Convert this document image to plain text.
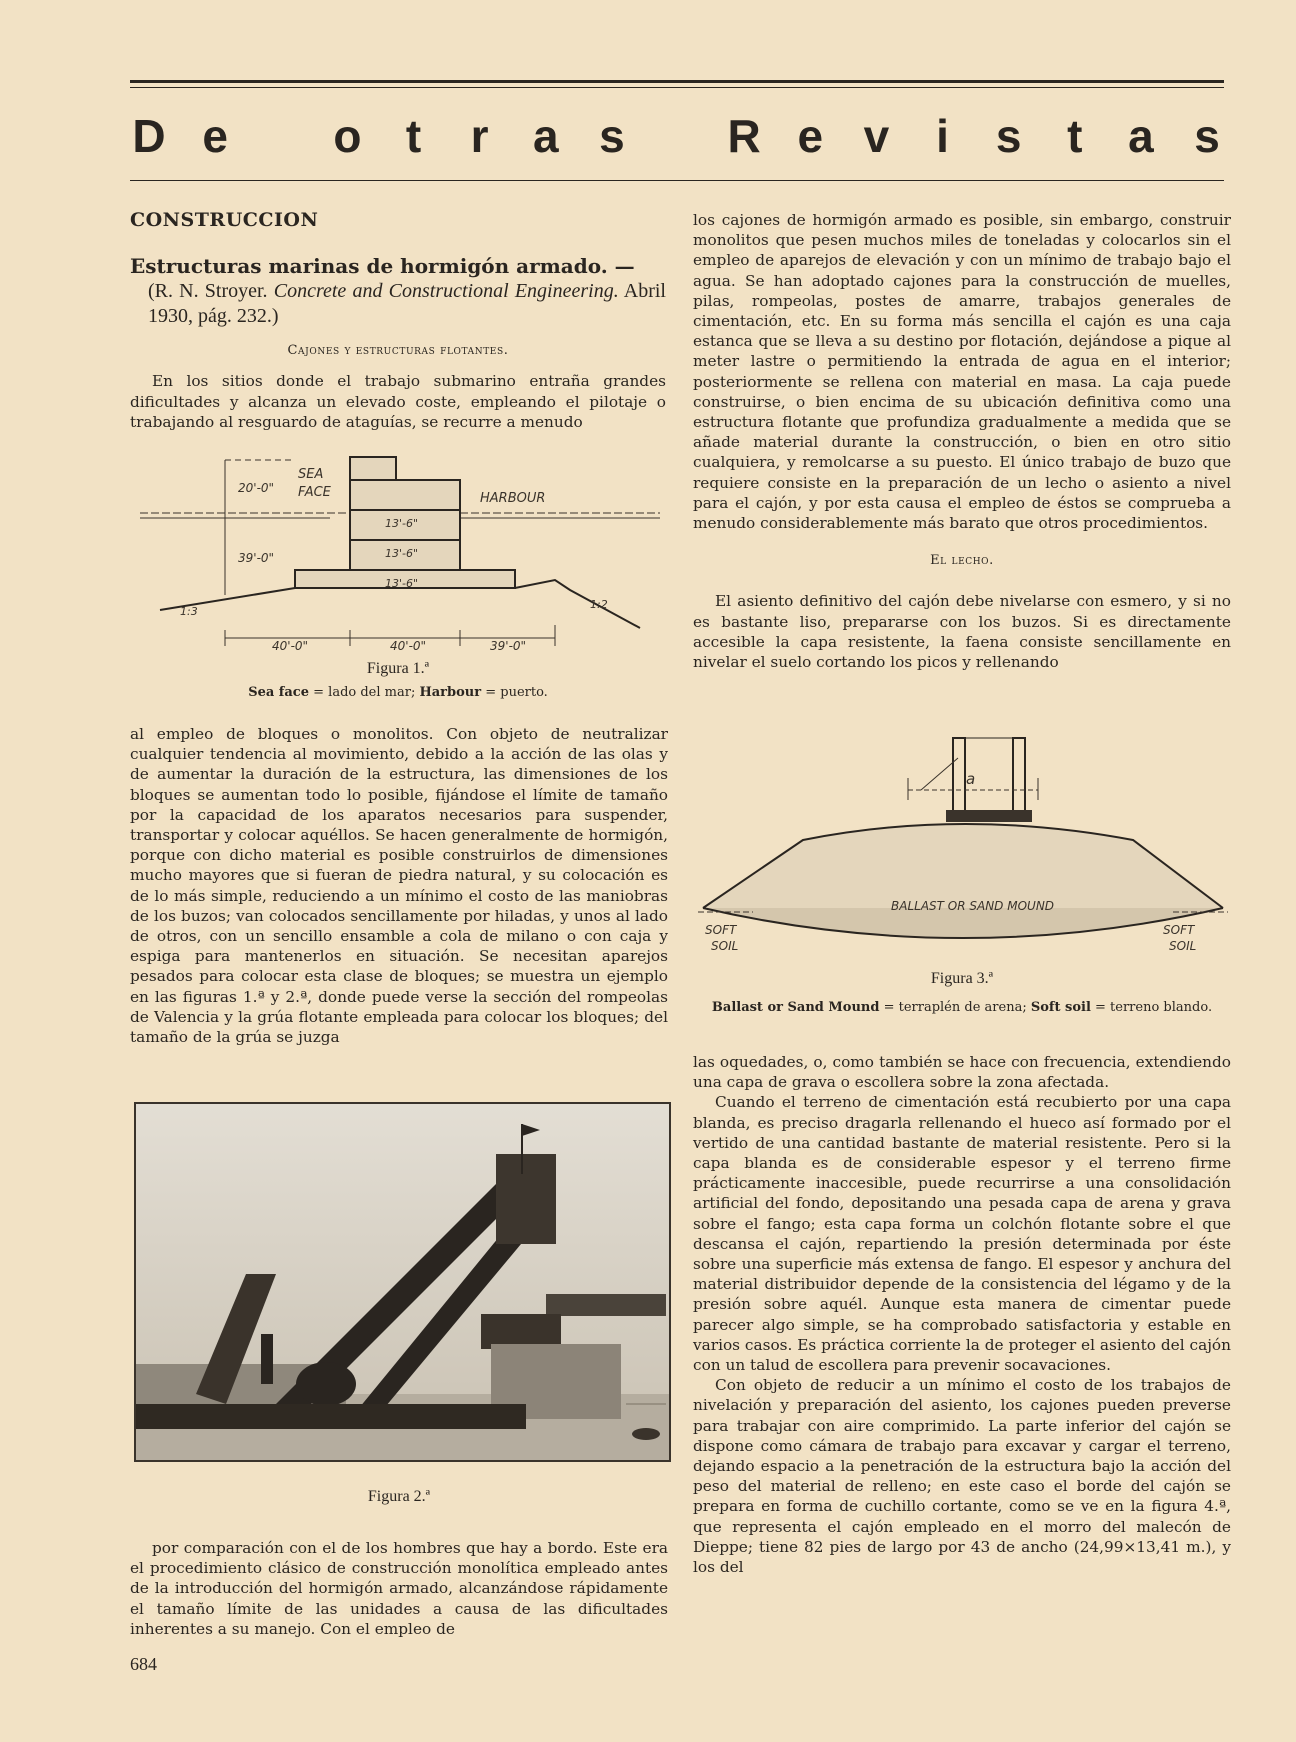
D e o t r a s R e v	i	s t a s
CONSTRUCCION
Estructuras marinas de hormigón armado. —
(R. N. Stroyer. Concrete and Constructional Engineering. Abril 1930, pág. 232.)
Cajones y estructuras flotantes.

En los sitios donde el trabajo submarino entraña grandes dificultades y alcanza un elevado coste, empleando el pilotaje o trabajando al resguardo de ataguías, se recurre a menudo

20'-0"
39'-0"
SEA
FACE	HARBOUR
13'-6"
13'-6"
13'-6"
40'-0"	40'-0"	39'-0"
1:3
1:2
Figura 1.ª
Sea face = lado del mar; Harbour = puerto.

al empleo de bloques o monolitos. Con objeto de neutralizar cualquier tendencia al movimiento, debido a la acción de las olas y de aumentar la duración de la estructura, las dimensiones de los bloques se aumentan todo lo posible, fijándose el límite de tamaño por la capacidad de los aparatos necesarios para suspender, transportar y colocar aquéllos. Se hacen generalmente de hormigón, porque con dicho material es posible construirlos de dimensiones mucho mayores que si fueran de piedra natural, y su colocación es de lo más simple, reduciendo a un mínimo el costo de las maniobras de los buzos; van colocados sencillamente por hiladas, y unos al lado de otros, con un sencillo ensamble a cola de milano o con caja y espiga para mantenerlos en situación. Se necesitan aparejos pesados para colocar esta clase de bloques; se muestra un ejemplo en las figuras 1.ª y 2.ª, donde puede verse la sección del rompeolas de Valencia y la grúa flotante empleada para colocar los bloques; del tamaño de la grúa se juzga

Figura 2.ª

por comparación con el de los hombres que hay a bordo. Este era el procedimiento clásico de construcción monolítica empleado antes de la introducción del hormigón armado, alcanzándose rápidamente el tamaño límite de las unidades a causa de las dificultades inherentes a su manejo. Con el empleo de

684

los cajones de hormigón armado es posible, sin embargo, construir monolitos que pesen muchos miles de toneladas y colocarlos sin el empleo de aparejos de elevación y con un mínimo de trabajo bajo el agua. Se han adoptado cajones para la construcción de muelles, pilas, rompeolas, postes de amarre, trabajos generales de cimentación, etc. En su forma más sencilla el cajón es una caja estanca que se lleva a su destino por flotación, dejándose a pique al meter lastre o permitiendo la entrada de agua en el interior; posteriormente se rellena con material en masa. La caja puede construirse, o bien encima de su ubicación definitiva como una estructura flotante que profundiza gradualmente a medida que se añade material durante la construcción, o bien en otro sitio cualquiera, y remolcarse a su puesto. El único trabajo de buzo que requiere consiste en la preparación de un lecho o asiento a nivel para el cajón, y por esta causa el empleo de éstos se comprueba a menudo considerablemente más barato que otros procedimientos.

El lecho.

El asiento definitivo del cajón debe nivelarse con esmero, y si no es bastante liso, prepararse con los buzos. Si es directamente accesible la capa resistente, la faena consiste sencillamente en nivelar el suelo cortando los picos y rellenando

a
BALLAST OR SAND MOUND
SOFT
SOIL
SOFT
SOIL
Figura 3.ª
Ballast or Sand Mound = terraplén de arena; Soft soil = terreno blando.

las oquedades, o, como también se hace con frecuencia, extendiendo una capa de grava o escollera sobre la zona afectada.

Cuando el terreno de cimentación está recubierto por una capa blanda, es preciso dragarla rellenando el hueco así formado por el vertido de una cantidad bastante de material resistente. Pero si la capa blanda es de considerable espesor y el terreno firme prácticamente inaccesible, puede recurrirse a una consolidación artificial del fondo, depositando una pesada capa de arena y grava sobre el fango; esta capa forma un colchón flotante sobre el que descansa el cajón, repartiendo la presión determinada por éste sobre una superficie más extensa de fango. El espesor y anchura del material distribuidor depende de la consistencia del légamo y de la presión sobre aquél. Aunque esta manera de cimentar puede parecer algo simple, se ha comprobado satisfactoria y estable en varios casos. Es práctica corriente la de proteger el asiento del cajón con un talud de escollera para prevenir socavaciones.

Con objeto de reducir a un mínimo el costo de los trabajos de nivelación y preparación del asiento, los cajones pueden preverse para trabajar con aire comprimido. La parte inferior del cajón se dispone como cámara de trabajo para excavar y cargar el terreno, dejando espacio a la penetración de la estructura bajo la acción del peso del material de relleno; en este caso el borde del cajón se prepara en forma de cuchillo cortante, como se ve en la figura 4.ª, que representa el cajón empleado en el morro del malecón de Dieppe; tiene 82 pies de largo por 43 de ancho (24,99×13,41 m.), y los del
